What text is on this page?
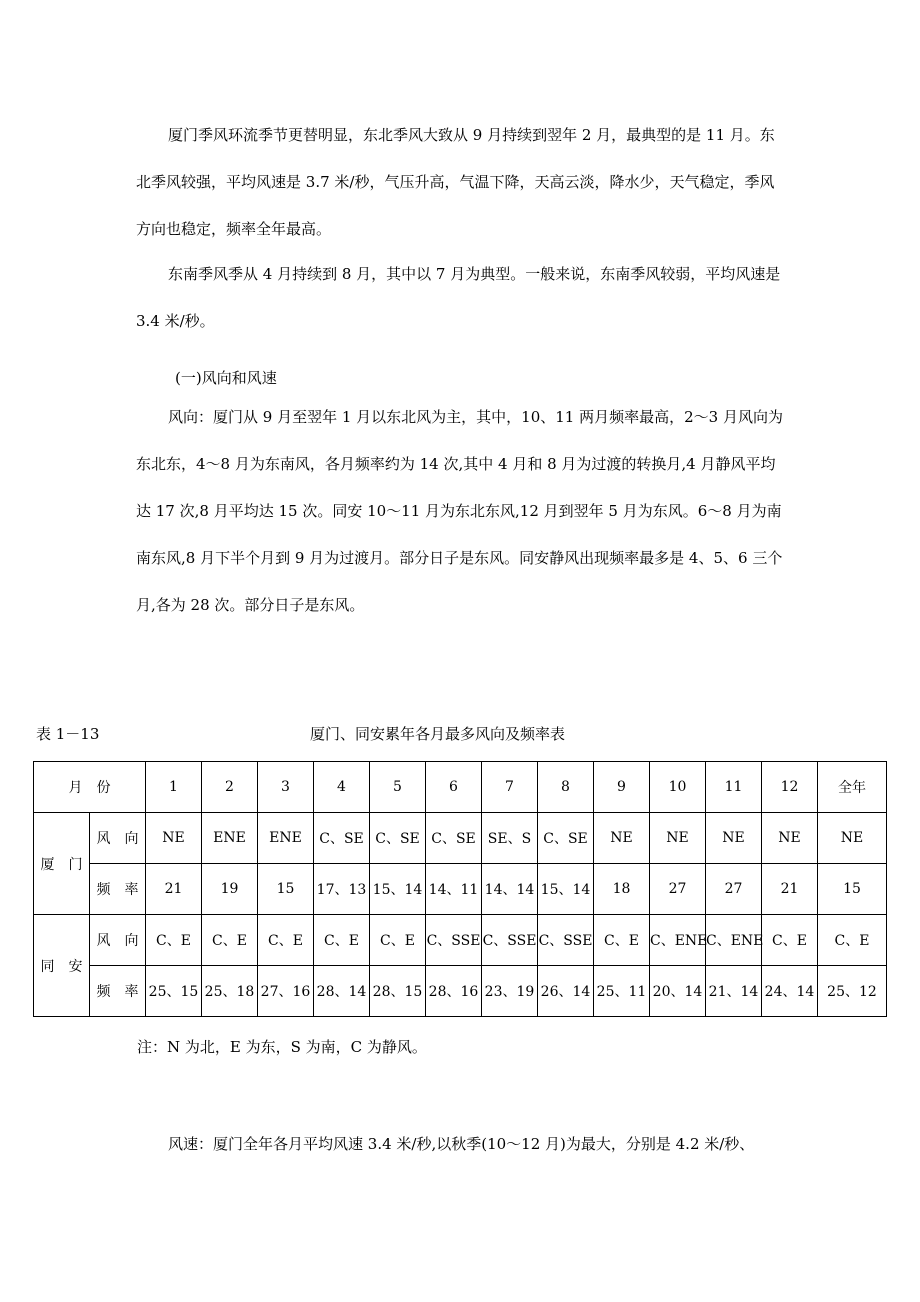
厦门季风环流季节更替明显，东北季风大致从 9 月持续到翌年 2 月，最典型的是 11 月。东北季风较强，平均风速是 3.7 米/秒，气压升高，气温下降，天高云淡，降水少，天气稳定，季风方向也稳定，频率全年最高。

东南季风季从 4 月持续到 8 月，其中以 7 月为典型。一般来说，东南季风较弱，平均风速是 3.4 米/秒。

(一)风向和风速

风向：厦门从 9 月至翌年 1 月以东北风为主，其中，10、11 两月频率最高，2～3 月风向为东北东，4～8 月为东南风，各月频率约为 14 次,其中 4 月和 8 月为过渡的转换月,4 月静风平均达 17 次,8 月平均达 15 次。同安 10～11 月为东北东风,12 月到翌年 5 月为东风。6～8 月为南南东风,8 月下半个月到 9 月为过渡月。部分日子是东风。同安静风出现频率最多是 4、5、6 三个月,各为 28 次。部分日子是东风。

表 1－13	厦门、同安累年各月最多风向及频率表
月　份		1	2	3	4	5	6	7	8	9	10	11	12	全年
厦　门	风　向	NE	ENE	ENE	C、SE	C、SE	C、SE	SE、S	C、SE	NE	NE	NE	NE	NE
	频　率	21	19	15	17、13	15、14	14、11	14、14	15、14	18	27	27	21	15
同　安	风　向	C、E	C、E	C、E	C、E	C、E	C、SSE	C、SSE	C、SSE	C、E	C、ENE	C、ENE	C、E	C、E
	频　率	25、15	25、18	27、16	28、14	28、15	28、16	23、19	26、14	25、11	20、14	21、14	24、14	25、12
注：N 为北，E 为东，S 为南，C 为静风。
风速：厦门全年各月平均风速 3.4 米/秒,以秋季(10～12 月)为最大，分别是 4.2 米/秒、
